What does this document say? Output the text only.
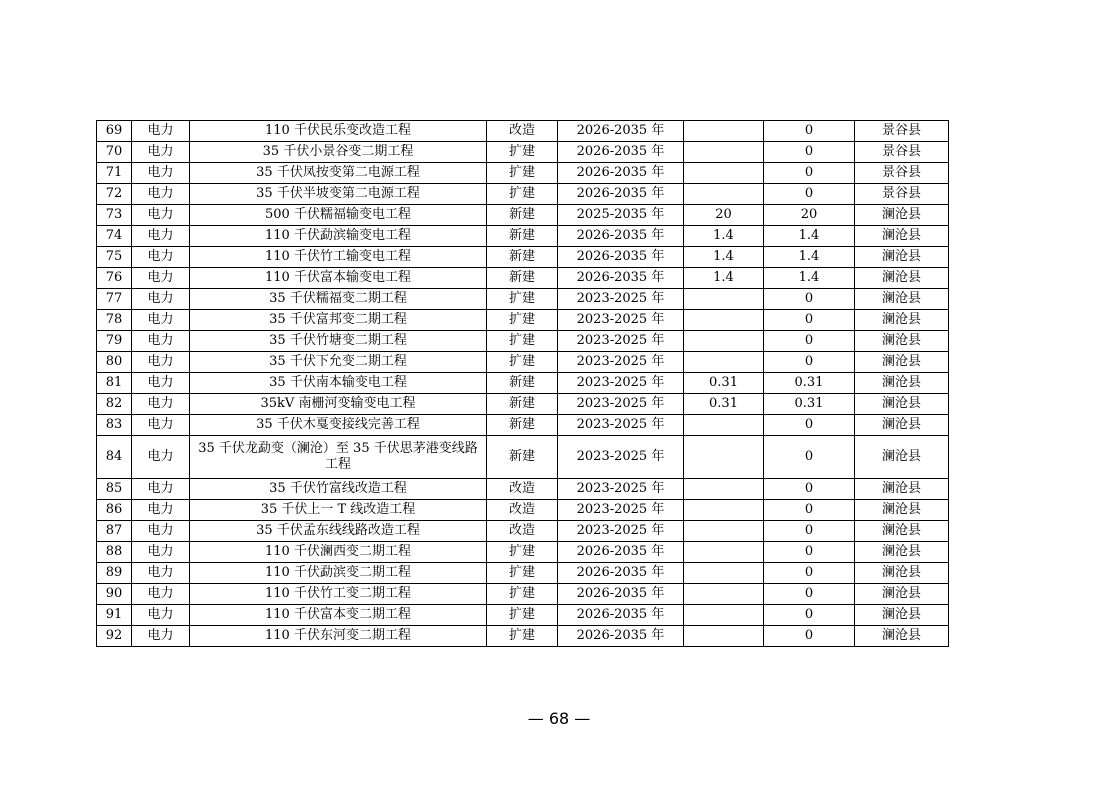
69	电力	110 千伏民乐变改造工程	改造	2026-2035 年		0	景谷县
70	电力	35 千伏小景谷变二期工程	扩建	2026-2035 年		0	景谷县
71	电力	35 千伏凤按变第二电源工程	扩建	2026-2035 年		0	景谷县
72	电力	35 千伏半坡变第二电源工程	扩建	2026-2035 年		0	景谷县
73	电力	500 千伏糯福输变电工程	新建	2025-2035 年	20	20	澜沧县
74	电力	110 千伏勐滨输变电工程	新建	2026-2035 年	1.4	1.4	澜沧县
75	电力	110 千伏竹工输变电工程	新建	2026-2035 年	1.4	1.4	澜沧县
76	电力	110 千伏富本输变电工程	新建	2026-2035 年	1.4	1.4	澜沧县
77	电力	35 千伏糯福变二期工程	扩建	2023-2025 年		0	澜沧县
78	电力	35 千伏富邦变二期工程	扩建	2023-2025 年		0	澜沧县
79	电力	35 千伏竹塘变二期工程	扩建	2023-2025 年		0	澜沧县
80	电力	35 千伏下允变二期工程	扩建	2023-2025 年		0	澜沧县
81	电力	35 千伏南本输变电工程	新建	2023-2025 年	0.31	0.31	澜沧县
82	电力	35kV 南栅河变输变电工程	新建	2023-2025 年	0.31	0.31	澜沧县
83	电力	35 千伏木戛变接线完善工程	新建	2023-2025 年		0	澜沧县
84	电力	35 千伏龙勐变（澜沧）至 35 千伏思茅港变线路工程	新建	2023-2025 年		0	澜沧县
85	电力	35 千伏竹富线改造工程	改造	2023-2025 年		0	澜沧县
86	电力	35 千伏上一 T 线改造工程	改造	2023-2025 年		0	澜沧县
87	电力	35 千伏孟东线线路改造工程	改造	2023-2025 年		0	澜沧县
88	电力	110 千伏澜西变二期工程	扩建	2026-2035 年		0	澜沧县
89	电力	110 千伏勐滨变二期工程	扩建	2026-2035 年		0	澜沧县
90	电力	110 千伏竹工变二期工程	扩建	2026-2035 年		0	澜沧县
91	电力	110 千伏富本变二期工程	扩建	2026-2035 年		0	澜沧县
92	电力	110 千伏东河变二期工程	扩建	2026-2035 年		0	澜沧县
— 68 —
